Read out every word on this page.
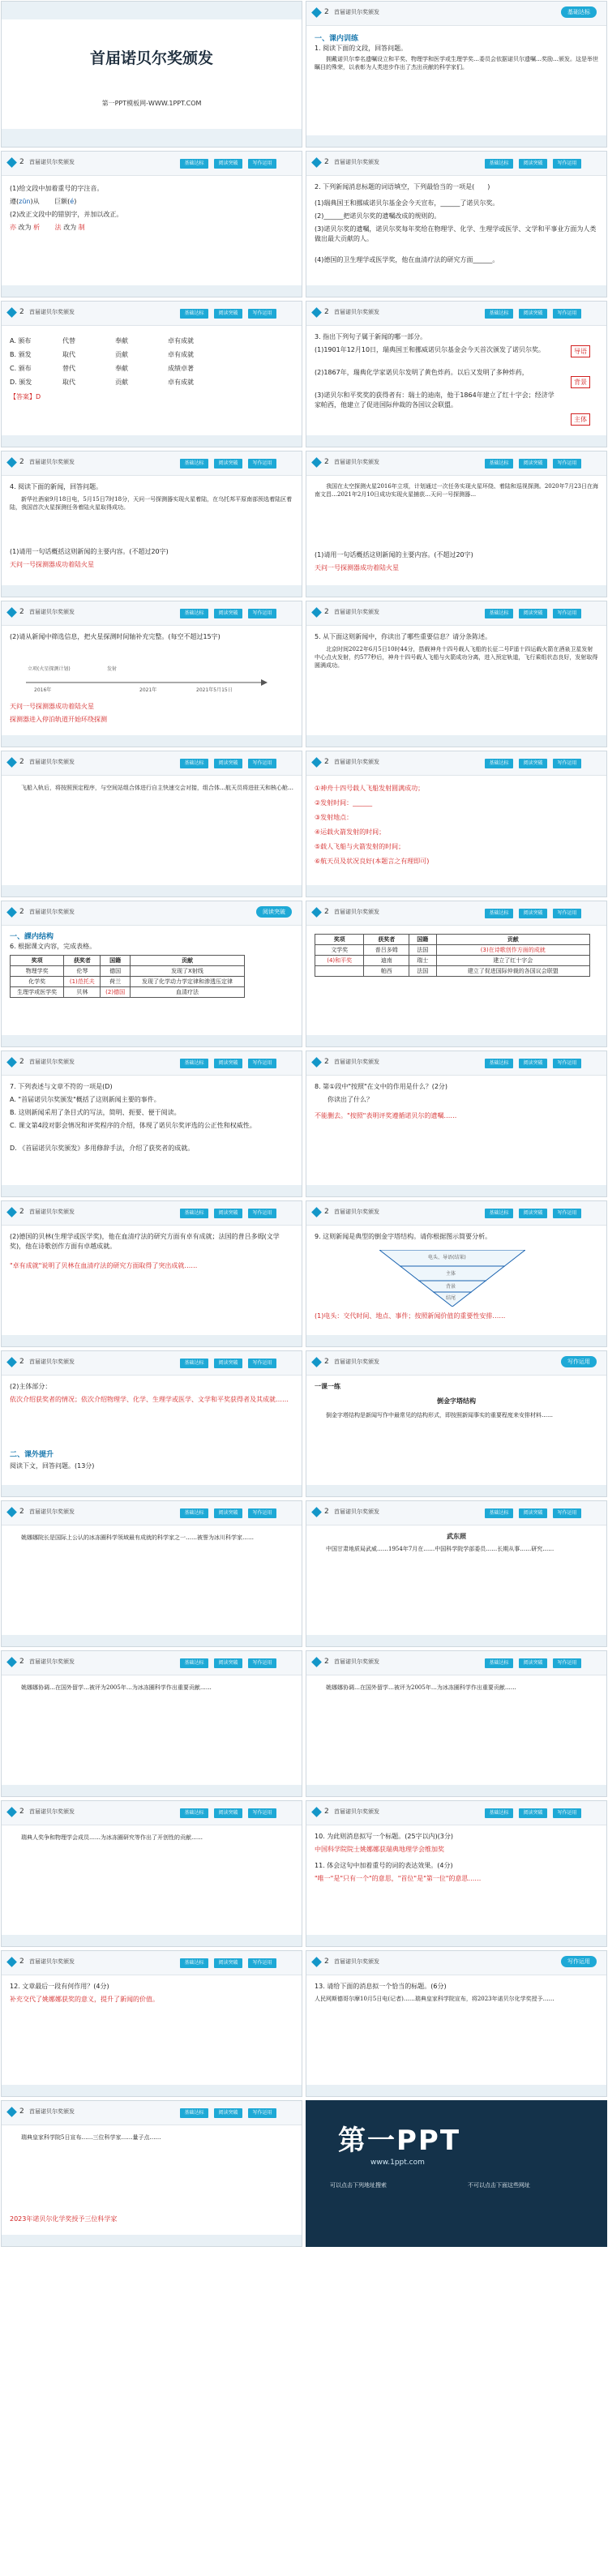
首届诺贝尔奖颁发
第一PPT模板网-WWW.1PPT.COM
2 首届诺贝尔奖颁发	基础达标
一、课内训练
1. 阅读下面的文段，回答问题。
　　拥戴诺贝尔奉名遗嘱设立和平奖、物理学和医学或生理学奖…委员会依据诺贝尔遗嘱…奖励…颁发。这是举世瞩目的殊荣，以表彰为人类进步作出了杰出贡献的科学家们。
2 首届诺贝尔奖颁发	基础达标	阅读突破	写作运用
(1)给文段中加着重号的字注音。
遵(zūn)从　　 巨额(é)
(2)改正文段中的错别字，并加以改正。
亦 改为 析　　 法 改为 制
2 首届诺贝尔奖颁发	基础达标	阅读突破	写作运用
2. 下列新闻消息标题的词语填空，下列最恰当的一项是(　　)
(1)瑞典国王和挪威诺贝尔基金会今天宣布，______了诺贝尔奖。
(2)______把诺贝尔奖的遗嘱改成的规则的。
(3)诺贝尔奖的遗嘱，诺贝尔奖每年奖给在物理学、化学、生理学或医学、文学和平事业方面为人类做出最大贡献的人。
(4)德国的卫生理学或医学奖，他在血清疗法的研究方面______。
2 首届诺贝尔奖颁发	基础达标	阅读突破	写作运用
A. 颁布	代替	奉献	卓有成就
B. 颁发	取代	贡献	卓有成就
C. 颁布	替代	奉献	成绩卓著
D. 颁发	取代	贡献	卓有成就
【答案】D
2 首届诺贝尔奖颁发	基础达标	阅读突破	写作运用
3. 指出下列句子属于新闻的哪一部分。
(1)1901年12月10日，瑞典国王和挪威诺贝尔基金会今天首次颁发了诺贝尔奖。	导语
(2)1867年，瑞典化学家诺贝尔发明了黄色炸药。以后又发明了多种炸药，
背景
(3)诺贝尔和平奖奖的获得者有：瑞士的迪南，他于1864年建立了红十字会；经济学家帕西，他建立了促进国际仲裁的各国议会联盟。
主体
2 首届诺贝尔奖颁发	基础达标	阅读突破	写作运用
4. 阅读下面的新闻，回答问题。
　　新华社酒泉9月18日电，5月15日7时18分，天问一号探测器实现火星着陆，在乌托邦平原南部预选着陆区着陆，我国首次火星探测任务着陆火星取得成功。
(1)请用一句话概括这则新闻的主要内容。(不超过20字)
天问一号探测器成功着陆火星
2 首届诺贝尔奖颁发	基础达标	阅读突破	写作运用
　　我国在太空探测火星2016年立项，计划通过一次任务实现火星环绕、着陆和巡视探测。2020年7月23日在海南文昌…2021年2月10日成功实现火星捕获…天问一号探测器…
(1)请用一句话概括这则新闻的主要内容。(不超过20字)
天问一号探测器成功着陆火星
2 首届诺贝尔奖颁发	基础达标	阅读突破	写作运用
(2)请从新闻中筛选信息，把火星探测时间轴补充完整。(每空不超过15字)
立项(火星探测计划)	发射
2016年	2021年	2021年5月15日
天问一号探测器成功着陆火星
探测器进入停泊轨道开始环绕探测
2 首届诺贝尔奖颁发	基础达标	阅读突破	写作运用
5. 从下面这则新闻中，你读出了哪些重要信息？请分条陈述。
　　北京时间2022年6月5日10时44分，搭载神舟十四号载人飞船的长征二号F遥十四运载火箭在酒泉卫星发射中心点火发射，约577秒后，神舟十四号载人飞船与火箭成功分离，进入预定轨道，飞行乘组状态良好，发射取得圆满成功。
2 首届诺贝尔奖颁发	基础达标	阅读突破	写作运用
　　飞船入轨后，将按照预定程序，与空间站组合体进行自主快速交会对接，组合体…航天员将进驻天和核心舱…
2 首届诺贝尔奖颁发	基础达标	阅读突破	写作运用
①神舟十四号载人飞船发射圆满成功；
②发射时间：______
③发射地点：
④运载火箭发射的时间；
⑤载人飞船与火箭发射的时间；
⑥航天员及状况良好(本题言之有理即可)
2 首届诺贝尔奖颁发	阅读突破
一、課内结构
6. 根据课文内容，完成表格。
奖项	获奖者	国籍	贡献
物理学奖	伦琴	德国	发现了X射线
化学奖	(1)范托夫	荷兰	发现了化学动力学定律和渗透压定律
生理学或医学奖	贝林	(2)德国	血清疗法
2 首届诺贝尔奖颁发	基础达标	阅读突破	写作运用
奖项	获奖者	国籍	贡献
文学奖	普吕多姆	法国	(3)在诗歌创作方面的成就
(4)和平奖	迪南	瑞士	建立了红十字会
	帕西	法国	建立了促进国际仲裁的各国议会联盟
2 首届诺贝尔奖颁发	基础达标	阅读突破	写作运用
7. 下列表述与文章不符的一项是(D)
A. "首届诺贝尔奖颁发"概括了这则新闻主要的事件。
B. 这则新闻采用了条目式的写法，简明、扼要、便于阅读。
C. 课文第4段对影会情况和评奖程序的介绍，体现了诺贝尔奖评选的公正性和权威性。
D. 《首届诺贝尔奖颁发》多用修辞手法，介绍了获奖者的成就。
2 首届诺贝尔奖颁发	基础达标	阅读突破	写作运用
8. 第①段中"按照"在文中的作用是什么？(2分)
　　你读出了什么？
不能删去。"按照"表明评奖遵循诺贝尔的遗嘱……
2 首届诺贝尔奖颁发	基础达标	阅读突破	写作运用
(2)德国的贝林(生理学或医学奖)，他在血清疗法的研究方面有卓有成就；法国的普吕多姆(文学奖)，他在诗歌创作方面有卓越成就。
"卓有成就"说明了贝林在血清疗法的研究方面取得了突出成就……
2 首届诺贝尔奖颁发	基础达标	阅读突破	写作运用
9. 这则新闻是典型的倒金字塔结构。请你根据图示简要分析。
电头、导语(结果)
主体
背景
结尾
(1)电头：交代时间、地点、事件；按照新闻价值的重要性安排……
2 首届诺贝尔奖颁发	基础达标	阅读突破	写作运用
(2)主体部分：
依次介绍获奖者的情况；依次介绍物理学、化学、生理学或医学、文学和平奖获得者及其成就……
二、课外提升
阅读下文，回答问题。(13分)
2 首届诺贝尔奖颁发	写作运用
一课一练
倒金字塔结构
　　倒金字塔结构是新闻写作中最常见的结构形式，即按照新闻事实的重要程度来安排材料……
2 首届诺贝尔奖颁发	基础达标	阅读突破	写作运用
武东照
　　中国甘肃地质局武威……1954年7月在……中国科学院学部委员……长期从事……研究……
2 首届诺贝尔奖颁发	基础达标	阅读突破	写作运用
　　姚娜娜院长是国际上公认的冰冻圈科学领域最有成就的科学家之一……被誉为冰川科学家……
2 首届诺贝尔奖颁发	基础达标	阅读突破	写作运用
　　姚娜娜协调…在国外留学…被评为2005年…为冰冻圈科学作出重要贡献……
2 首届诺贝尔奖颁发	基础达标	阅读突破	写作运用
　　姚娜娜协调…在国外留学…被评为2005年…为冰冻圈科学作出重要贡献……
2 首届诺贝尔奖颁发	基础达标	阅读突破	写作运用
　　瑞典人奖争和物理学会成员……为冰冻圈研究等作出了开创性的贡献……
2 首届诺贝尔奖颁发	基础达标	阅读突破	写作运用
10. 为此则消息拟写一个标题。(25字以内)(3分)
中国科学院院士姚娜娜获瑞典地理学会维加奖
11. 体会这句中加着重号的词的表达效果。(4分)
"唯一"是"只有一个"的意思，"首位"是"第一位"的意思……
2 首届诺贝尔奖颁发	基础达标	阅读突破	写作运用
12. 文章最后一段有何作用？(4分)
补充交代了姚娜娜获奖的意义，提升了新闻的价值。
2 首届诺贝尔奖颁发	写作运用
13. 请给下面的消息拟一个恰当的标题。(6分)
人民网斯德哥尔摩10月5日电(记者)……瑞典皇家科学院宣布，将2023年诺贝尔化学奖授予……
2 首届诺贝尔奖颁发	基础达标	阅读突破	写作运用
　　瑞典皇家科学院5日宣布……三位科学家……量子点……
2023年诺贝尔化学奖授予三位科学家
第一PPT
www.1ppt.com
可以点击下列地址搜索	不可以点击下面这些网址
